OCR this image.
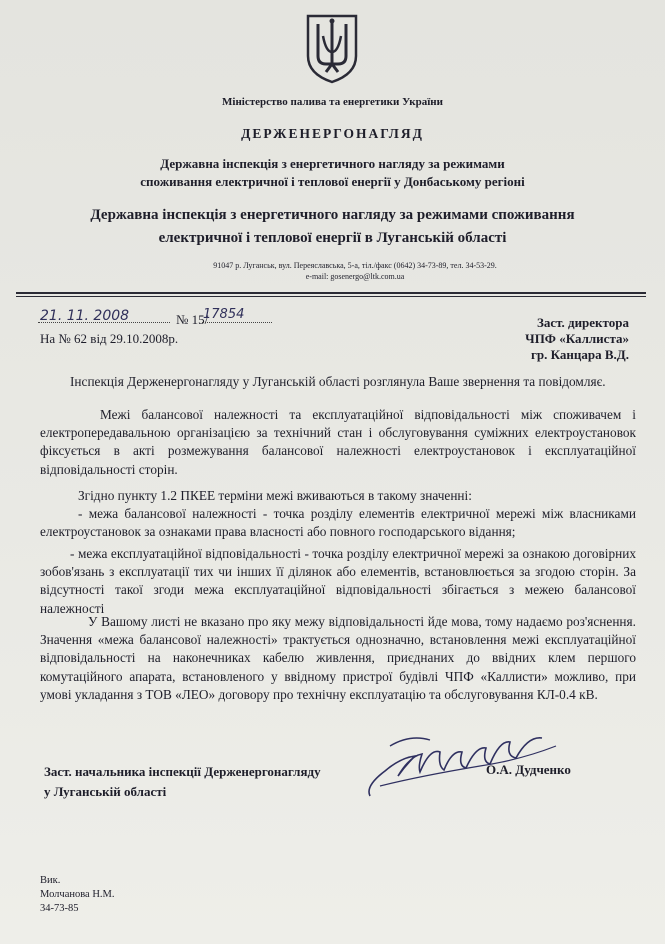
Міністерство палива та енергетики України
ДЕРЖЕНЕРГОНАГЛЯД
Державна інспекція з енергетичного нагляду за режимами
споживання електричної і теплової енергії у Донбаському регіоні
Державна інспекція з енергетичного нагляду за режимами споживання
електричної і теплової енергії в Луганській області
91047 р. Луганськ, вул. Переяславська, 5-а, тіл./факс (0642) 34-73-89, тел. 34-53-29.
e-mail: gosenergo@ltk.com.ua
21. 11. 2008	№ 15/
17854
На № 62 від 29.10.2008р.
Заст. директора
ЧПФ «Каллиста»
гр. Канцара В.Д.
Інспекція Держенергонагляду у Луганській області розглянула Ваше звернення та повідомляє.
Межі балансової належності та експлуатаційної відповідальності між споживачем і електропередавальною організацією за технічний стан і обслуговування суміжних електроустановок фіксується в акті розмежування балансової належності електроустановок і експлуатаційної відповідальності сторін.
Згідно пункту 1.2 ПКЕЕ терміни межі вживаються в такому значенні:
- межа балансової належності - точка розділу елементів електричної мережі між власниками електроустановок за ознаками права власності або повного господарського відання;
- межа експлуатаційної відповідальності - точка розділу електричної мережі за ознакою договірних зобов'язань з експлуатації тих чи інших її ділянок або елементів, встановлюється за згодою сторін. За відсутності такої згоди межа експлуатаційної відповідальності збігається з межею балансової належності
У Вашому листі не вказано про яку межу відповідальності йде мова, тому надаємо роз'яснення. Значення «межа балансової належності» трактується однозначно, встановлення межі експлуатаційної відповідальності на наконечниках кабелю живлення, приєднаних до ввідних клем першого комутаційного апарата, встановленого у ввідному пристрої будівлі ЧПФ «Каллисти» можливо, при умові укладання з ТОВ «ЛЕО» договору про технічну експлуатацію та обслуговування КЛ-0.4 кВ.
Заст. начальника інспекції Держенергонагляду
у Луганській області
О.А. Дудченко
Вик.
Молчанова Н.М.
34-73-85
